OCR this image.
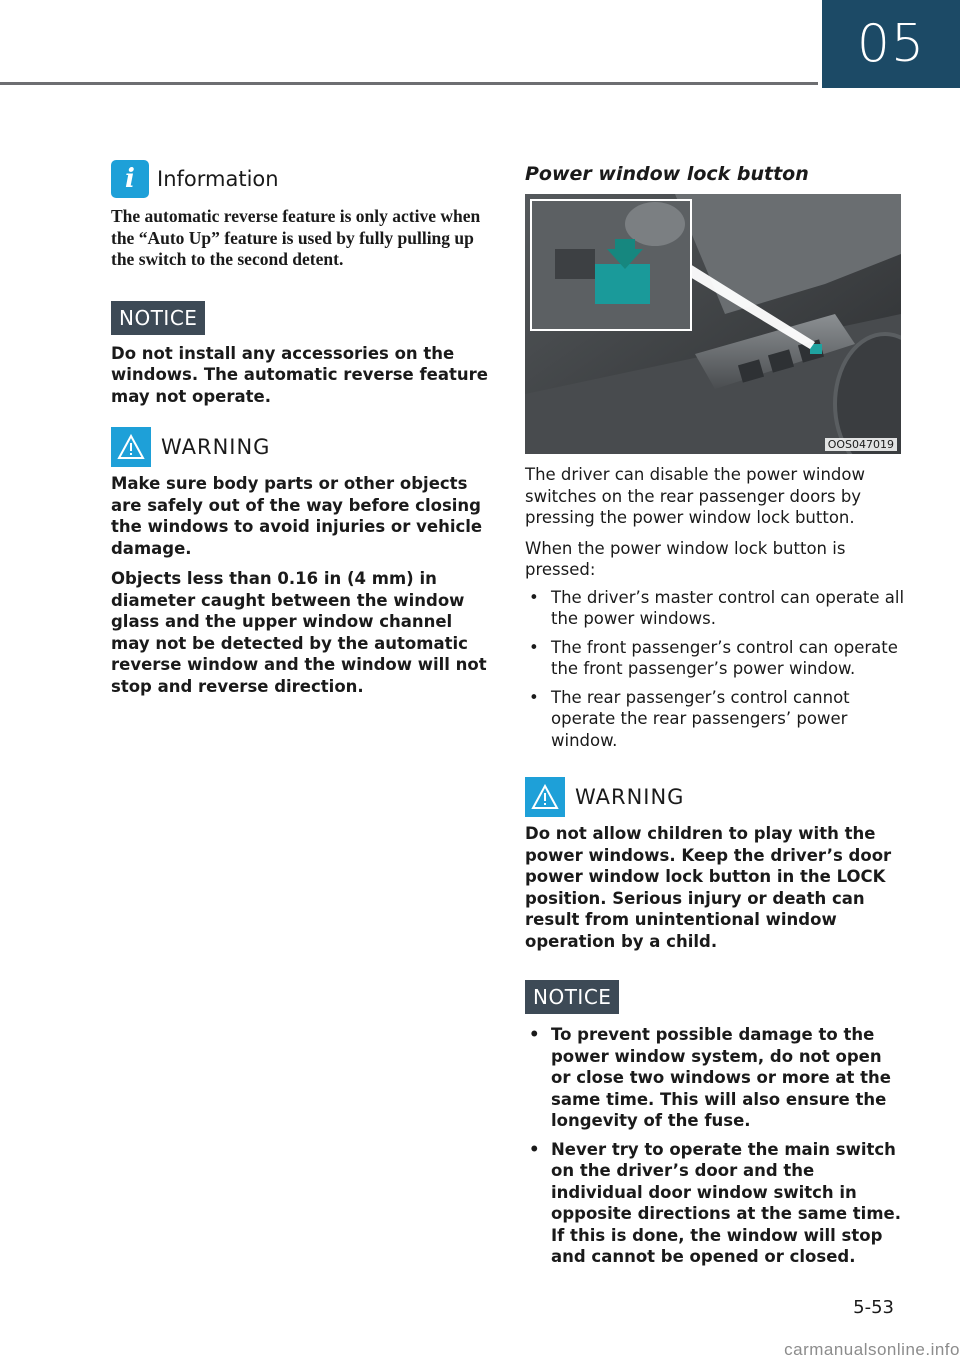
05
i	Information

The automatic reverse feature is only active when the “Auto Up” feature is used by fully pulling up the switch to the second detent.

NOTICE

Do not install any accessories on the windows. The automatic reverse feature may not operate.

WARNING

Make sure body parts or other objects are safely out of the way before closing the windows to avoid injuries or vehicle damage.

Objects less than 0.16 in (4 mm) in diameter caught between the window glass and the upper window channel may not be detected by the automatic reverse window and the window will not stop and reverse direction.

Power window lock button
OOS047019

The driver can disable the power window switches on the rear passenger doors by pressing the power window lock button.

When the power window lock button is pressed:

• The driver’s master control can operate all the power windows.
• The front passenger’s control can operate the front passenger’s power window.
• The rear passenger’s control cannot operate the rear passengers’ power window.
WARNING

Do not allow children to play with the power windows. Keep the driver’s door power window lock button in the LOCK position. Serious injury or death can result from unintentional window operation by a child.

NOTICE
• To prevent possible damage to the power window system, do not open or close two windows or more at the same time. This will also ensure the longevity of the fuse.
• Never try to operate the main switch on the driver’s door and the individual door window switch in opposite directions at the same time. If this is done, the window will stop and cannot be opened or closed.
5-53
carmanualsonline.info
